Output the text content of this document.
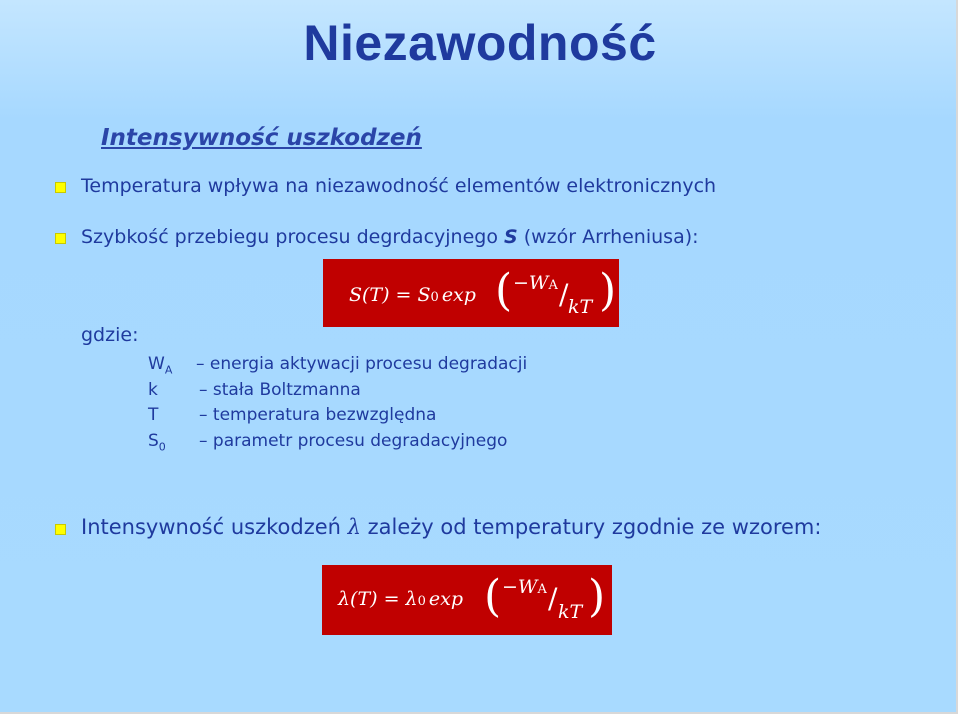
Niezawodność
Intensywność uszkodzeń
Temperatura wpływa na niezawodność elementów elektronicznych
Szybkość przebiegu procesu degrdacyjnego S (wzór Arrheniusa):
S(T) = S0 exp ( −WA / kT )
gdzie:
$W_A$ – energia aktywacji procesu degradacji
k – stała Boltzmanna
T – temperatura bezwzględna
$S_0$ – parametr procesu degradacyjnego
Intensywność uszkodzeń λ zależy od temperatury zgodnie ze wzorem:
λ(T) = λ0 exp ( −WA / kT )
